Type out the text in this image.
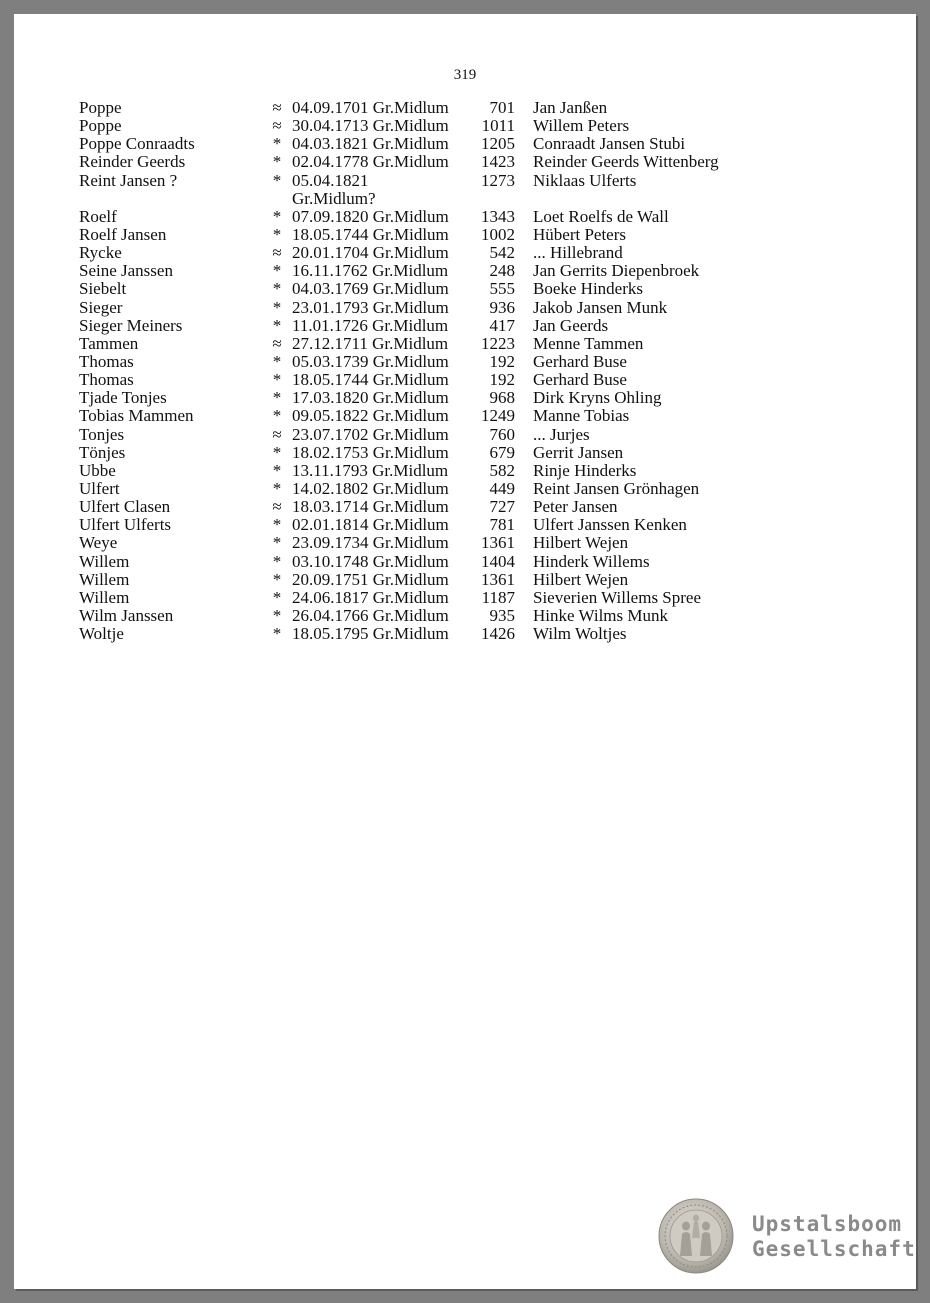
319
Poppe	≈ 04.09.1701 Gr.Midlum	701 Jan Janßen
Poppe	≈ 30.04.1713 Gr.Midlum	1011 Willem Peters
Poppe Conraadts	* 04.03.1821 Gr.Midlum	1205 Conraadt Jansen Stubi
Reinder Geerds	* 02.04.1778 Gr.Midlum	1423 Reinder Geerds Wittenberg
Reint Jansen ?	* 05.04.1821	1273 Niklaas Ulferts
Gr.Midlum?
Roelf	* 07.09.1820 Gr.Midlum	1343 Loet Roelfs de Wall
Roelf Jansen	* 18.05.1744 Gr.Midlum	1002 Hübert Peters
Rycke	≈ 20.01.1704 Gr.Midlum	542 ... Hillebrand
Seine Janssen	* 16.11.1762 Gr.Midlum	248 Jan Gerrits Diepenbroek
Siebelt	* 04.03.1769 Gr.Midlum	555 Boeke Hinderks
Sieger	* 23.01.1793 Gr.Midlum	936 Jakob Jansen Munk
Sieger Meiners	* 11.01.1726 Gr.Midlum	417 Jan Geerds
Tammen	≈ 27.12.1711 Gr.Midlum	1223 Menne Tammen
Thomas	* 05.03.1739 Gr.Midlum	192 Gerhard Buse
Thomas	* 18.05.1744 Gr.Midlum	192 Gerhard Buse
Tjade Tonjes	* 17.03.1820 Gr.Midlum	968 Dirk Kryns Ohling
Tobias Mammen	* 09.05.1822 Gr.Midlum	1249 Manne Tobias
Tonjes	≈ 23.07.1702 Gr.Midlum	760 ... Jurjes
Tönjes	* 18.02.1753 Gr.Midlum	679 Gerrit Jansen
Ubbe	* 13.11.1793 Gr.Midlum	582 Rinje Hinderks
Ulfert	* 14.02.1802 Gr.Midlum	449 Reint Jansen Grönhagen
Ulfert Clasen	≈ 18.03.1714 Gr.Midlum	727 Peter Jansen
Ulfert Ulferts	* 02.01.1814 Gr.Midlum	781 Ulfert Janssen Kenken
Weye	* 23.09.1734 Gr.Midlum	1361 Hilbert Wejen
Willem	* 03.10.1748 Gr.Midlum	1404 Hinderk Willems
Willem	* 20.09.1751 Gr.Midlum	1361 Hilbert Wejen
Willem	* 24.06.1817 Gr.Midlum	1187 Sieverien Willems Spree
Wilm Janssen	* 26.04.1766 Gr.Midlum	935 Hinke Wilms Munk
Woltje	* 18.05.1795 Gr.Midlum	1426 Wilm Woltjes
Upstalsboom
Gesellschaft
